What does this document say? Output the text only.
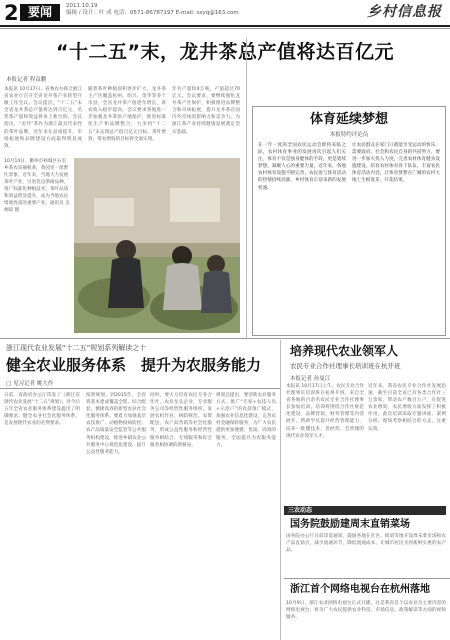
2 要闻	2011.10.19
编辑 / 设计：叶 成 电话：0571-86787197 E-mail: sxyq@163.com	乡村信息报
“十二五”末，龙井茶总产值将达百亿元
本报记者 程益鹏
本报讯 10月17日，省委农办联合浙江省农业厅召开全省龙井茶产业转型升级工作会议。会议提出，“十二五”末全省龙井茶总产值将达到百亿元，名优茶产量和效益将再上新台阶。会议指出，“龙井”茶作为浙江最具代表性的茶叶品牌，近年来在品质提升、市场拓展和品牌建设方面取得明显成效。
随着茶叶种植面积逐步扩大，龙井茶主产区覆盖杭州、绍兴、金华等多个市县，全省龙井茶产值逐年增长，茶农收入稳步提高。会议要求各地进一步加强龙井茶原产地保护，推进标准化生产和品牌整合，力争到“十二五”末实现总产值百亿元目标，茶叶增效、茶农增收的目标将全面实现。
年共产量约4万吨，产值超过70亿元。会议要求，要继续强化龙井茶产区保护，积极推进品牌整合和市场拓展，提升龙井茶在国内外市场的影响力和竞争力，为浙江茶产业持续健康发展奠定坚实基础。
10月14日，衢州市柯城区石室乡茶农采摘秋茶，茶园里一派繁忙景象。近年来，当地大力发展茶叶产业，引进优良茶树品种，推广标准化种植技术，茶叶品质和效益明显提升，成为当地农民增收致富的重要产业。通讯员 吴炯琼 摄
体育延续梦想
本报特约评论员
在一年一度的全国农民运动会即将来临之际，农村体育事业的发展再次引起人们关注。体育不仅是强身健体的手段，更是延续梦想、凝聚人心的重要力量。近年来，各地农村体育设施不断完善，农民参与体育活动的热情持续高涨，乡村体育正迎来新的发展机遇。
让农民群众在家门口就能享受运动的快乐，需要政府、社会和农民自身的共同努力。要进一步加大投入力度，完善农村体育健身设施建设，培育农村体育骨干队伍，丰富农民体育活动内容，让体育梦想在广阔的农村大地上生根发芽、开花结果。
浙江现代农业发展“十二五”规划系列解读之十
健全农业服务体系　提升为农服务能力
□ 见习记者 姚大作
日前，省政府办公厅印发了《浙江省现代农业发展“十二五”规划》，对今后五年全省农业服务体系建设提出了明确要求。健全农业社会化服务体系，是发展现代农业的必然要求。
按照规划，到2015年，全省将基本建成覆盖全程、综合配套、便捷高效的新型农业社会化服务体系。要着力加强基层农技推广、动植物疫病防控、农产品质量安全监管等公共服务机构建设，推进乡镇农业公共服务中心规范化建设，提升公益性服务能力。
同时，要大力培育农民专业合作社、农业龙头企业、专业服务公司等经营性服务组织，发展农机作业、统防统治、农资配送、农产品营销等社会化服务，形成公益性服务和经营性服务相结合、专项服务和综合服务相协调的新格局。
规划还提出，要创新农业服务方式，推广“专家+农技人员+示范户”的农技推广模式，加强农业信息化建设，完善农村金融保险服务，为广大农民提供更加便捷、优质、高效的服务，全面提升为农服务能力。
培养现代农业领军人
农民专业合作社理事长培训班在杭开班
本报记者 孙曼江
本报讯 10月17日上午，农民专业合作社理事长培训班在杭州开班，来自全省各地的百余名农民专业合作社理事长参加培训。培训将围绕合作社规范化建设、品牌营销、财务管理等内容展开，帮助学员提升经营管理能力，培养一批懂技术、善经营、会管理的现代农业领军人才。
近年来，我省农民专业合作社发展迅速，截至目前全省已有各类合作社三万余家，带动农户数百万户，在促进农业增效、农民增收方面发挥了积极作用。此次培训采取专题讲座、案例分析、现场考察相结合的方式，注重实效。
三农动态
国务院鼓励建周末直销菜场
国务院办公厅日前印发通知，鼓励各地在社区、街道等地开设周末菜市场和农产品直销点，减少流通环节，降低流通成本，让城市居民买到新鲜实惠的农产品。
浙江首个网络电视台在杭州落地
10月9日，浙江农业网络电视台正式开播，这是我省首个以农业为主要内容的网络电视台，将为广大农民提供农业科技、市场信息、政策解读等方面的视频服务。
